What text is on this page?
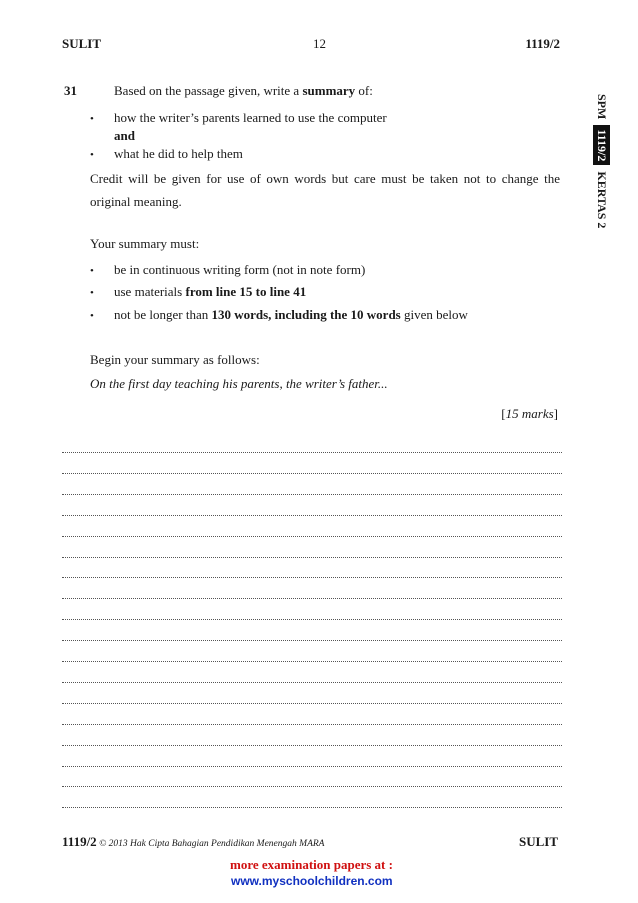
SULIT	12	1119/2
SPM
1119/2
KERTAS 2
31	Based on the passage given, write a summary of:
• how the writer’s parents learned to use the computer
and
• what he did to help them
Credit will be given for use of own words but care must be taken not to change the
original meaning.
Your summary must:
• be in continuous writing form (not in note form)
• use materials from line 15 to line 41
• not be longer than 130 words, including the 10 words given below
Begin your summary as follows:
On the first day teaching his parents, the writer’s father...
[15 marks]
1119/2 © 2013 Hak Cipta Bahagian Pendidikan Menengah MARA	SULIT
more examination papers at :
www.myschoolchildren.com
